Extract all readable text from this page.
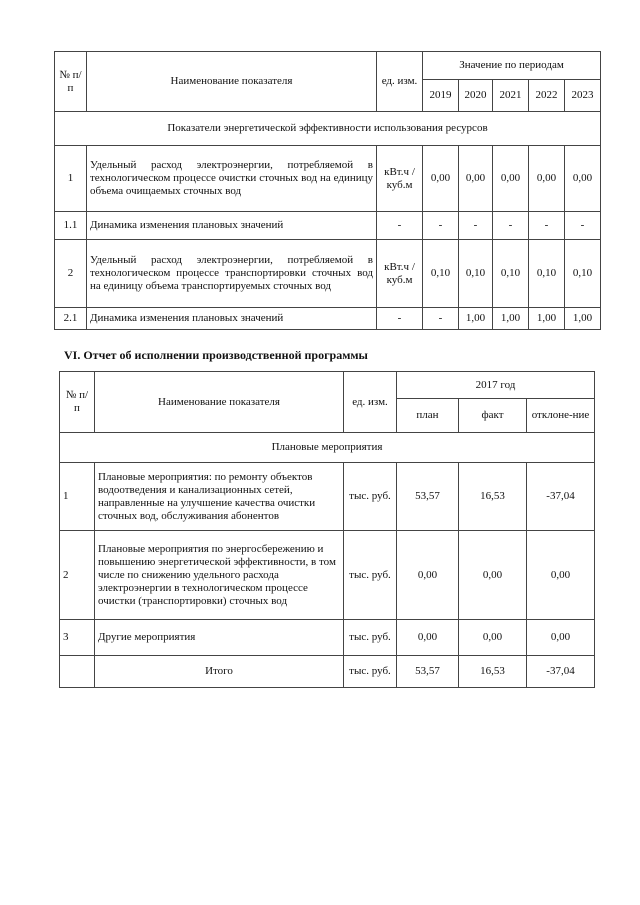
№ п/п	Наименование показателя	ед. изм.	Значение по периодам				
			2019	2020	2021	2022	2023
Показатели энергетической эффективности использования ресурсов							
1	Удельный расход электроэнергии, потребляемой в технологическом процессе очистки сточных вод на единицу объема очищаемых сточных вод	кВт.ч / куб.м	0,00	0,00	0,00	0,00	0,00
1.1	Динамика изменения плановых значений	-	-	-	-	-	-
2	Удельный расход электроэнергии, потребляемой в технологическом процессе транспортировки сточных вод на единицу объема транспортируемых сточных вод	кВт.ч / куб.м	0,10	0,10	0,10	0,10	0,10
2.1	Динамика изменения плановых значений	-	-	1,00	1,00	1,00	1,00
VI. Отчет об исполнении производственной программы
№ п/п	Наименование показателя	ед. изм.	2017 год		
			план	факт	отклоне-ние
Плановые мероприятия					
1	Плановые мероприятия: по ремонту объектов водоотведения и канализационных сетей, направленные на улучшение качества очистки сточных вод, обслуживания абонентов	тыс. руб.	53,57	16,53	-37,04
2	Плановые мероприятия по энергосбережению и повышению энергетической эффективности, в том числе по снижению удельного расхода электроэнергии в технологическом процессе очистки (транспортировки) сточных вод	тыс. руб.	0,00	0,00	0,00
3	Другие мероприятия	тыс. руб.	0,00	0,00	0,00
	Итого	тыс. руб.	53,57	16,53	-37,04
